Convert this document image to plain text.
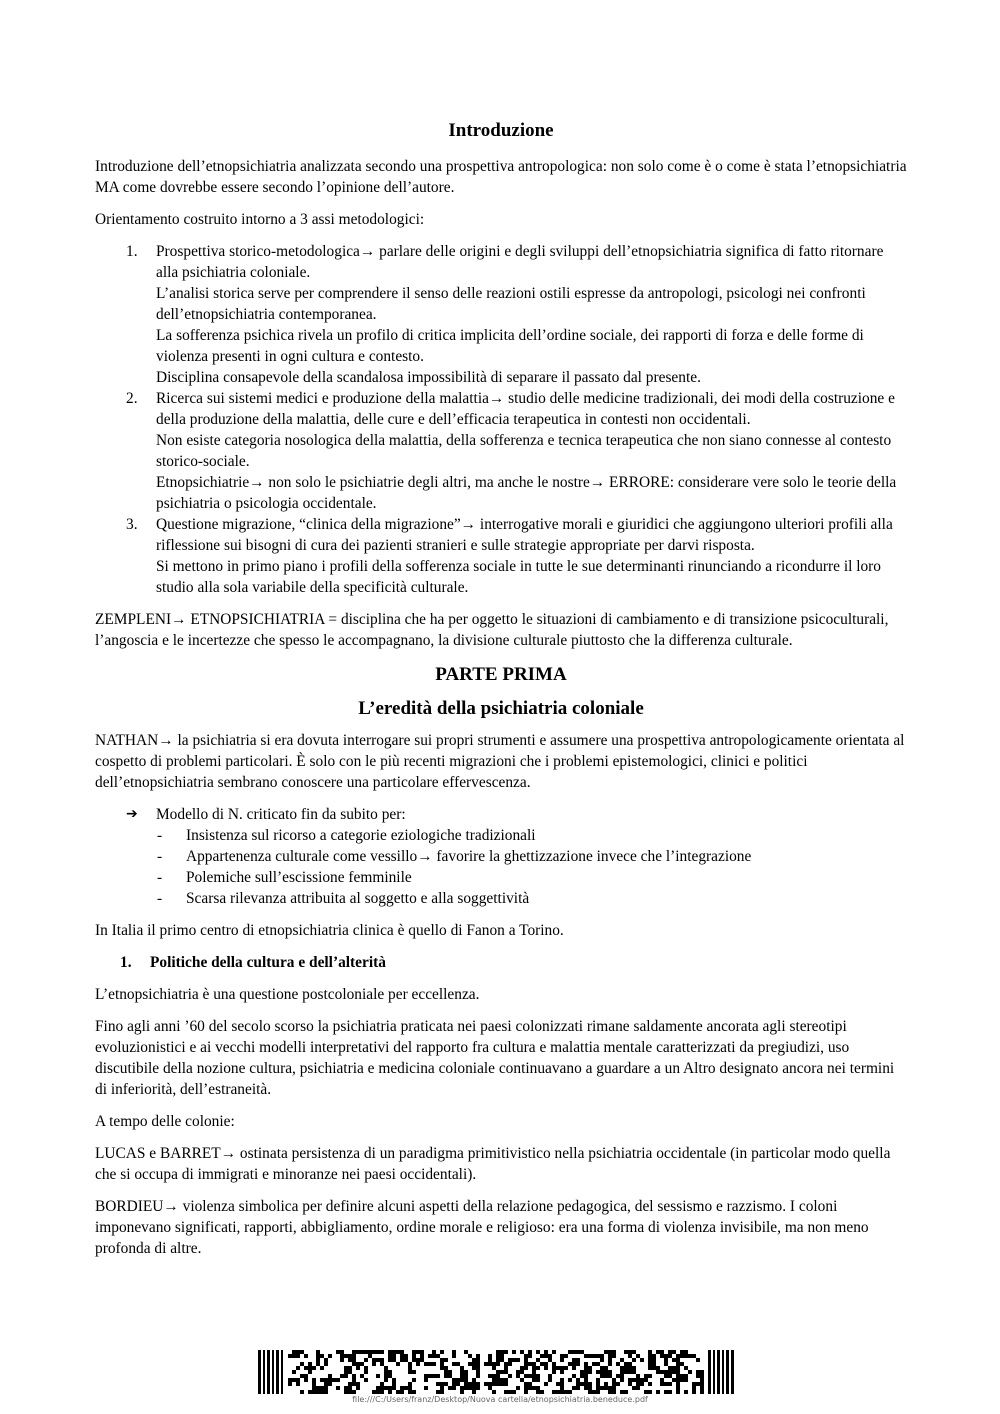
Introduzione

Introduzione dell’etnopsichiatria analizzata secondo una prospettiva antropologica: non solo come è o come è stata l’etnopsichiatria MA come dovrebbe essere secondo l’opinione dell’autore.

Orientamento costruito intorno a 3 assi metodologici:

1. Prospettiva storico-metodologica→ parlare delle origini e degli sviluppi dell’etnopsichiatria significa di fatto ritornare alla psichiatria coloniale.
L’analisi storica serve per comprendere il senso delle reazioni ostili espresse da antropologi, psicologi nei confronti dell’etnopsichiatria contemporanea.
La sofferenza psichica rivela un profilo di critica implicita dell’ordine sociale, dei rapporti di forza e delle forme di violenza presenti in ogni cultura e contesto.
Disciplina consapevole della scandalosa impossibilità di separare il passato dal presente.
2. Ricerca sui sistemi medici e produzione della malattia→ studio delle medicine tradizionali, dei modi della costruzione e della produzione della malattia, delle cure e dell’efficacia terapeutica in contesti non occidentali.
Non esiste categoria nosologica della malattia, della sofferenza e tecnica terapeutica che non siano connesse al contesto storico-sociale.
Etnopsichiatrie→ non solo le psichiatrie degli altri, ma anche le nostre→ ERRORE: considerare vere solo le teorie della psichiatria o psicologia occidentale.
3. Questione migrazione, “clinica della migrazione”→ interrogative morali e giuridici che aggiungono ulteriori profili alla riflessione sui bisogni di cura dei pazienti stranieri e sulle strategie appropriate per darvi risposta.
Si mettono in primo piano i profili della sofferenza sociale in tutte le sue determinanti rinunciando a ricondurre il loro studio alla sola variabile della specificità culturale.

ZEMPLENI→ ETNOPSICHIATRIA = disciplina che ha per oggetto le situazioni di cambiamento e di transizione psicoculturali, l’angoscia e le incertezze che spesso le accompagnano, la divisione culturale piuttosto che la differenza culturale.

PARTE PRIMA
L’eredità della psichiatria coloniale

NATHAN→ la psichiatria si era dovuta interrogare sui propri strumenti e assumere una prospettiva antropologicamente orientata al cospetto di problemi particolari. È solo con le più recenti migrazioni che i problemi epistemologici, clinici e politici dell’etnopsichiatria sembrano conoscere una particolare effervescenza.

➔ Modello di N. criticato fin da subito per:
- Insistenza sul ricorso a categorie eziologiche tradizionali
- Appartenenza culturale come vessillo→ favorire la ghettizzazione invece che l’integrazione
- Polemiche sull’escissione femminile
- Scarsa rilevanza attribuita al soggetto e alla soggettività

In Italia il primo centro di etnopsichiatria clinica è quello di Fanon a Torino.

1. Politiche della cultura e dell’alterità

L’etnopsichiatria è una questione postcoloniale per eccellenza.

Fino agli anni ’60 del secolo scorso la psichiatria praticata nei paesi colonizzati rimane saldamente ancorata agli stereotipi evoluzionistici e ai vecchi modelli interpretativi del rapporto fra cultura e malattia mentale caratterizzati da pregiudizi, uso discutibile della nozione cultura, psichiatria e medicina coloniale continuavano a guardare a un Altro designato ancora nei termini di inferiorità, dell’estraneità.

A tempo delle colonie:

LUCAS e BARRET→ ostinata persistenza di un paradigma primitivistico nella psichiatria occidentale (in particolar modo quella che si occupa di immigrati e minoranze nei paesi occidentali).

BORDIEU→ violenza simbolica per definire alcuni aspetti della relazione pedagogica, del sessismo e razzismo. I coloni imponevano significati, rapporti, abbigliamento, ordine morale e religioso: era una forma di violenza invisibile, ma non meno profonda di altre.

file:///C:/Users/franz/Desktop/Nuova cartella/etnopsichiatria.beneduce.pdf
